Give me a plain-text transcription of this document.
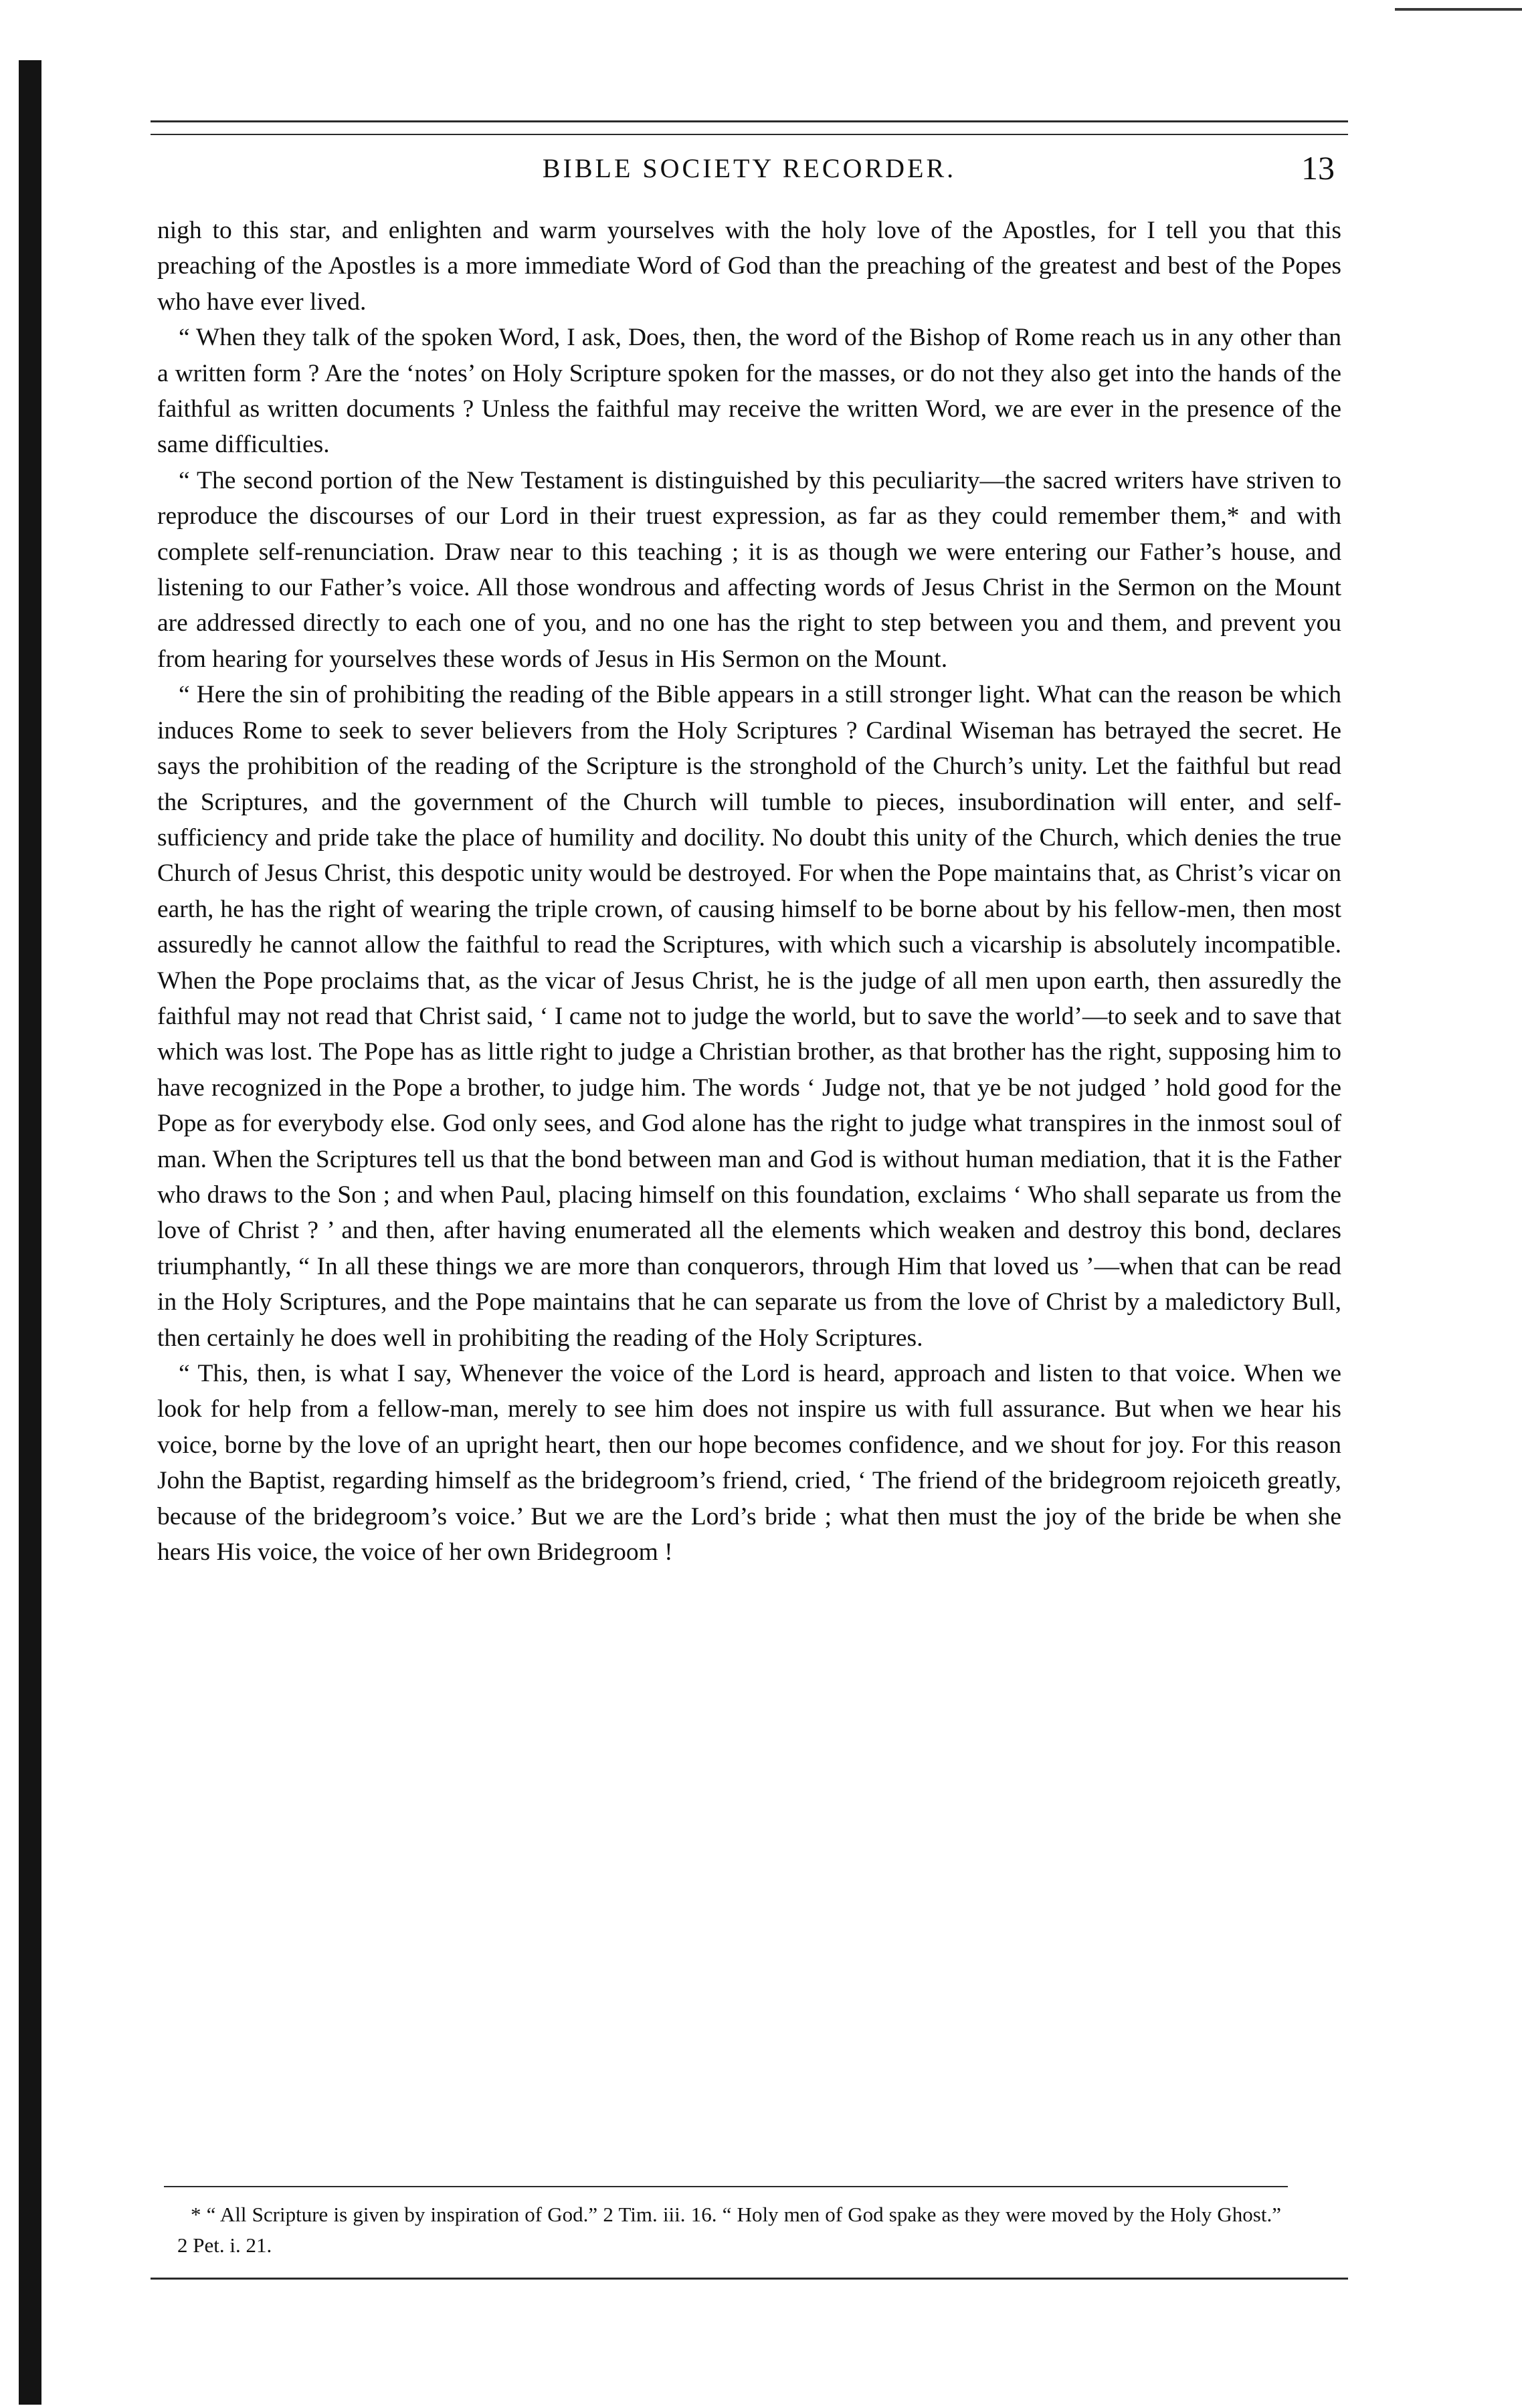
BIBLE SOCIETY RECORDER.	13

nigh to this star, and enlighten and warm yourselves with the holy love of the Apostles, for I tell you that this preaching of the Apostles is a more immediate Word of God than the preaching of the greatest and best of the Popes who have ever lived.

“ When they talk of the spoken Word, I ask, Does, then, the word of the Bishop of Rome reach us in any other than a written form ? Are the ‘notes’ on Holy Scripture spoken for the masses, or do not they also get into the hands of the faithful as written documents ? Unless the faithful may receive the written Word, we are ever in the presence of the same difficulties.

“ The second portion of the New Testament is distinguished by this peculiarity—the sacred writers have striven to reproduce the discourses of our Lord in their truest expression, as far as they could remember them,* and with complete self-renunciation. Draw near to this teaching ; it is as though we were entering our Father’s house, and listening to our Father’s voice. All those wondrous and affecting words of Jesus Christ in the Sermon on the Mount are addressed directly to each one of you, and no one has the right to step between you and them, and prevent you from hearing for yourselves these words of Jesus in His Sermon on the Mount.

“ Here the sin of prohibiting the reading of the Bible appears in a still stronger light. What can the reason be which induces Rome to seek to sever believers from the Holy Scriptures ? Cardinal Wiseman has betrayed the secret. He says the prohibition of the reading of the Scripture is the stronghold of the Church’s unity. Let the faithful but read the Scriptures, and the government of the Church will tumble to pieces, insubordination will enter, and self-sufficiency and pride take the place of humility and docility. No doubt this unity of the Church, which denies the true Church of Jesus Christ, this despotic unity would be destroyed. For when the Pope maintains that, as Christ’s vicar on earth, he has the right of wearing the triple crown, of causing himself to be borne about by his fellow-men, then most assuredly he cannot allow the faithful to read the Scriptures, with which such a vicarship is absolutely incompatible. When the Pope proclaims that, as the vicar of Jesus Christ, he is the judge of all men upon earth, then assuredly the faithful may not read that Christ said, ‘ I came not to judge the world, but to save the world’—to seek and to save that which was lost. The Pope has as little right to judge a Christian brother, as that brother has the right, supposing him to have recognized in the Pope a brother, to judge him. The words ‘ Judge not, that ye be not judged ’ hold good for the Pope as for everybody else. God only sees, and God alone has the right to judge what transpires in the inmost soul of man. When the Scriptures tell us that the bond between man and God is without human mediation, that it is the Father who draws to the Son ; and when Paul, placing himself on this foundation, exclaims ‘ Who shall separate us from the love of Christ ? ’ and then, after having enumerated all the elements which weaken and destroy this bond, declares triumphantly, “ In all these things we are more than conquerors, through Him that loved us ’—when that can be read in the Holy Scriptures, and the Pope maintains that he can separate us from the love of Christ by a maledictory Bull, then certainly he does well in prohibiting the reading of the Holy Scriptures.

“ This, then, is what I say, Whenever the voice of the Lord is heard, approach and listen to that voice. When we look for help from a fellow-man, merely to see him does not inspire us with full assurance. But when we hear his voice, borne by the love of an upright heart, then our hope becomes confidence, and we shout for joy. For this reason John the Baptist, regarding himself as the bridegroom’s friend, cried, ‘ The friend of the bridegroom rejoiceth greatly, because of the bridegroom’s voice.’ But we are the Lord’s bride ; what then must the joy of the bride be when she hears His voice, the voice of her own Bridegroom !

* “ All Scripture is given by inspiration of God.” 2 Tim. iii. 16. “ Holy men of God spake as they were moved by the Holy Ghost.” 2 Pet. i. 21.
